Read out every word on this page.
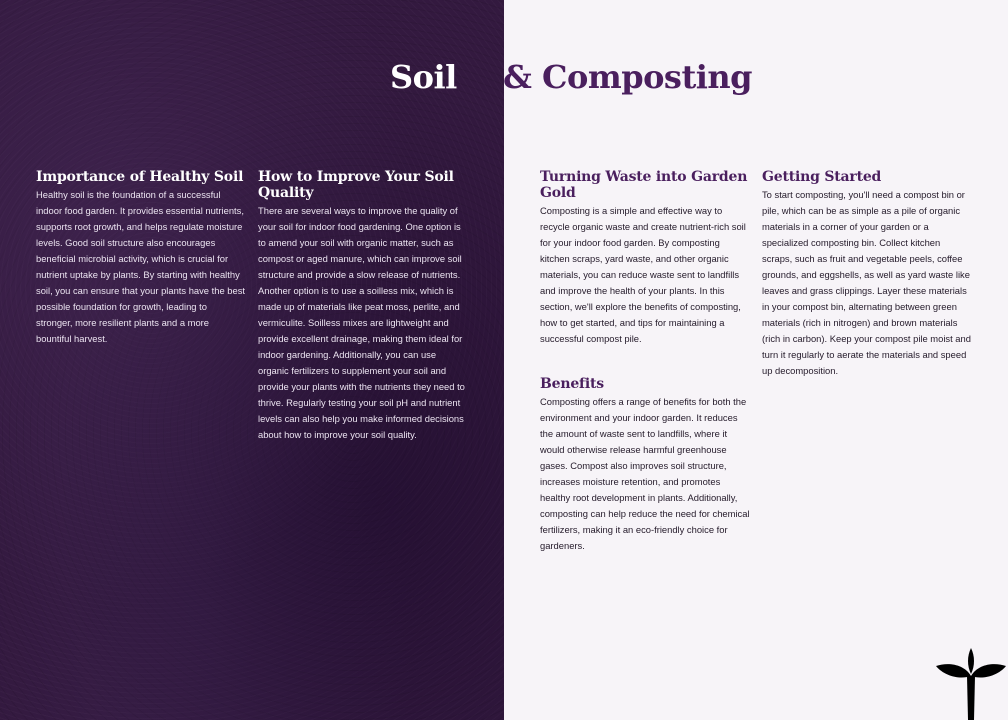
Soil & Composting
Importance of Healthy Soil

Healthy soil is the foundation of a successful indoor food garden. It provides essential nutrients, supports root growth, and helps regulate moisture levels. Good soil structure also encourages beneficial microbial activity, which is crucial for nutrient uptake by plants. By starting with healthy soil, you can ensure that your plants have the best possible foundation for growth, leading to stronger, more resilient plants and a more bountiful harvest.

How to Improve Your Soil Quality

There are several ways to improve the quality of your soil for indoor food gardening. One option is to amend your soil with organic matter, such as compost or aged manure, which can improve soil structure and provide a slow release of nutrients. Another option is to use a soilless mix, which is made up of materials like peat moss, perlite, and vermiculite. Soilless mixes are lightweight and provide excellent drainage, making them ideal for indoor gardening. Additionally, you can use organic fertilizers to supplement your soil and provide your plants with the nutrients they need to thrive. Regularly testing your soil pH and nutrient levels can also help you make informed decisions about how to improve your soil quality.

Turning Waste into Garden Gold

Composting is a simple and effective way to recycle organic waste and create nutrient-rich soil for your indoor food garden. By composting kitchen scraps, yard waste, and other organic materials, you can reduce waste sent to landfills and improve the health of your plants. In this section, we'll explore the benefits of composting, how to get started, and tips for maintaining a successful compost pile.

Benefits

Composting offers a range of benefits for both the environment and your indoor garden. It reduces the amount of waste sent to landfills, where it would otherwise release harmful greenhouse gases. Compost also improves soil structure, increases moisture retention, and promotes healthy root development in plants. Additionally, composting can help reduce the need for chemical fertilizers, making it an eco-friendly choice for gardeners.

Getting Started

To start composting, you'll need a compost bin or pile, which can be as simple as a pile of organic materials in a corner of your garden or a specialized composting bin. Collect kitchen scraps, such as fruit and vegetable peels, coffee grounds, and eggshells, as well as yard waste like leaves and grass clippings. Layer these materials in your compost bin, alternating between green materials (rich in nitrogen) and brown materials (rich in carbon). Keep your compost pile moist and turn it regularly to aerate the materials and speed up decomposition.
